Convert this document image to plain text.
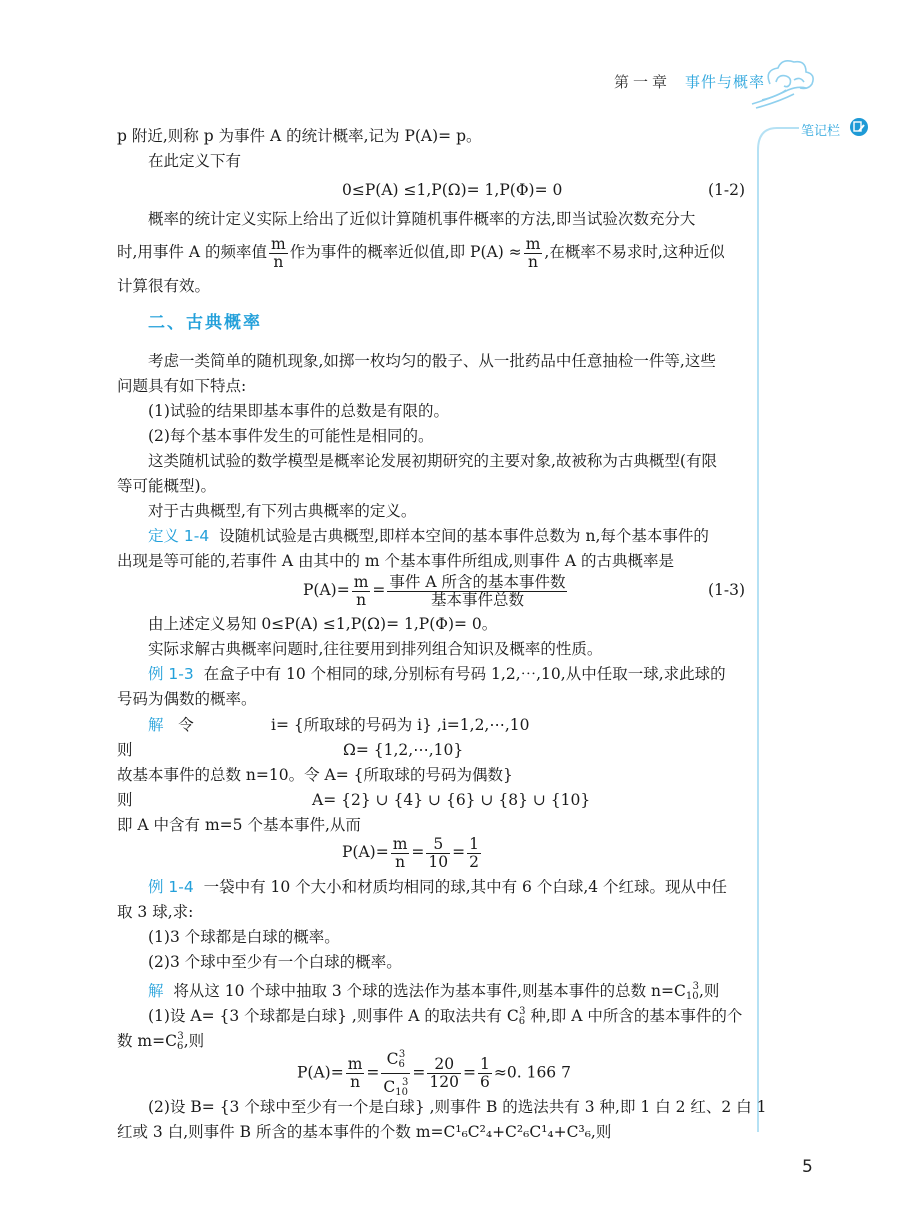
第一章 事件与概率
笔记栏
p 附近,则称 p 为事件 A 的统计概率,记为 P(A)= p。
在此定义下有
0≤P(A) ≤1,P(Ω)= 1,P(Φ)= 0	(1-2)
概率的统计定义实际上给出了近似计算随机事件概率的方法,即当试验次数充分大
时,用事件 A 的频率值 $\frac{m}{n}$ 作为事件的概率近似值,即 $P(A) \approx \frac{m}{n}$ ,在概率不易求时,这种近似
计算很有效。
二、古典概率
考虑一类简单的随机现象,如掷一枚均匀的骰子、从一批药品中任意抽检一件等,这些
问题具有如下特点:
(1)试验的结果即基本事件的总数是有限的。
(2)每个基本事件发生的可能性是相同的。
这类随机试验的数学模型是概率论发展初期研究的主要对象,故被称为古典概型(有限
等可能概型)。
对于古典概型,有下列古典概率的定义。
定义 1-4 设随机试验是古典概型,即样本空间的基本事件总数为 n,每个基本事件的
出现是等可能的,若事件 A 由其中的 m 个基本事件所组成,则事件 A 的古典概率是
$P(A)= \frac{m}{n} = \frac{\text{事件 A 所含的基本事件数}}{\text{基本事件总数}}$	(1-3)
由上述定义易知 0≤P(A) ≤1,P(Ω)= 1,P(Φ)= 0。
实际求解古典概率问题时,往往要用到排列组合知识及概率的性质。
例 1-3 在盒子中有 10 个相同的球,分别标有号码 1,2,⋯,10,从中任取一球,求此球的
号码为偶数的概率。
解 令	i= {所取球的号码为 i} ,i=1,2,⋯,10
则	Ω= {1,2,⋯,10}
故基本事件的总数 n=10。令 A= {所取球的号码为偶数}
则	A= {2} ∪ {4} ∪ {6} ∪ {8} ∪ {10}
即 A 中含有 m=5 个基本事件,从而
$P(A)= \frac{m}{n} = \frac{5}{10} = \frac{1}{2}$
例 1-4 一袋中有 10 个大小和材质均相同的球,其中有 6 个白球,4 个红球。现从中任
取 3 球,求:
(1)3 个球都是白球的概率。
(2)3 个球中至少有一个白球的概率。
解 将从这 10 个球中抽取 3 个球的选法作为基本事件,则基本事件的总数 $n=C_{10}^3$,则
(1)设 A= {3 个球都是白球} ,则事件 A 的取法共有 $C_6^3$ 种,即 A 中所含的基本事件的个
数 $m=C_6^3$,则
$P(A)= \frac{m}{n} = \frac{C_6^3}{C_{10}^3} = \frac{20}{120} = \frac{1}{6} \approx 0$. 166 7
(2)设 B= {3 个球中至少有一个是白球} ,则事件 B 的选法共有 3 种,即 1 白 2 红、2 白 1
红或 3 白,则事件 B 所含的基本事件的个数 m=C¹₆C²₄+C²₆C¹₄+C³₆,则
5
